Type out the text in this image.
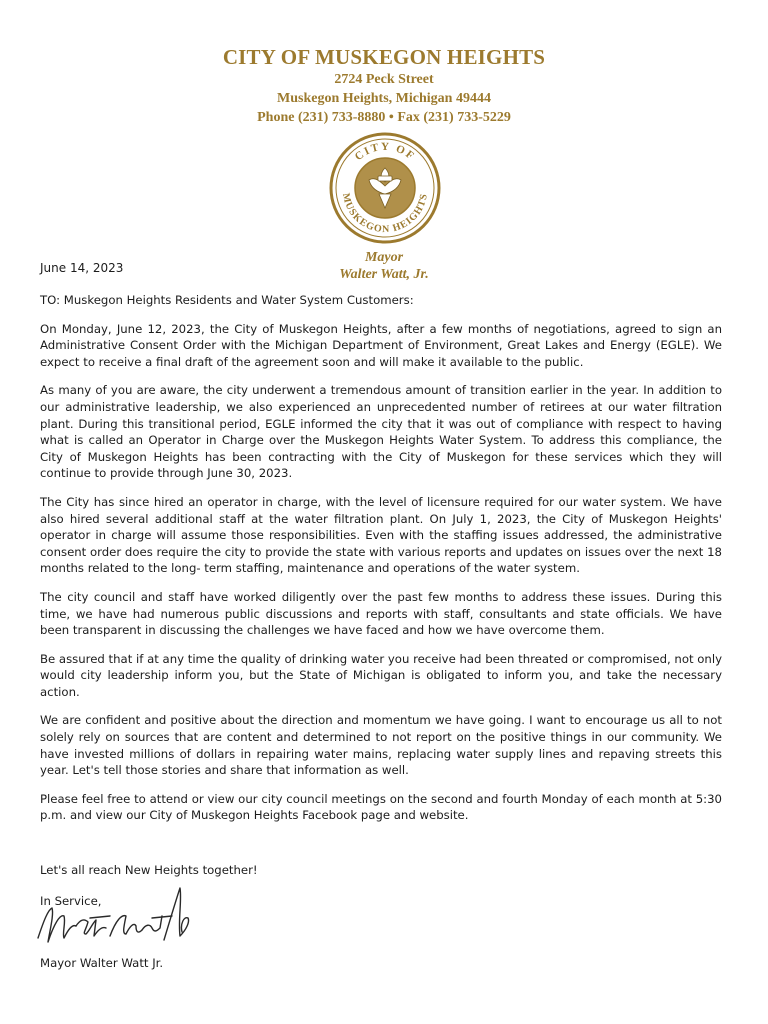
CITY OF MUSKEGON HEIGHTS
2724 Peck Street
Muskegon Heights, Michigan 49444
Phone (231) 733-8880 • Fax (231) 733-5229
CITY OF
MUSKEGON HEIGHTS
Mayor
Walter Watt, Jr.
June 14, 2023

TO: Muskegon Heights Residents and Water System Customers:

On Monday, June 12, 2023, the City of Muskegon Heights, after a few months of negotiations, agreed to sign an Administrative Consent Order with the Michigan Department of Environment, Great Lakes and Energy (EGLE). We expect to receive a final draft of the agreement soon and will make it available to the public.

As many of you are aware, the city underwent a tremendous amount of transition earlier in the year. In addition to our administrative leadership, we also experienced an unprecedented number of retirees at our water filtration plant. During this transitional period, EGLE informed the city that it was out of compliance with respect to having what is called an Operator in Charge over the Muskegon Heights Water System. To address this compliance, the City of Muskegon Heights has been contracting with the City of Muskegon for these services which they will continue to provide through June 30, 2023.

The City has since hired an operator in charge, with the level of licensure required for our water system. We have also hired several additional staff at the water filtration plant. On July 1, 2023, the City of Muskegon Heights' operator in charge will assume those responsibilities. Even with the staffing issues addressed, the administrative consent order does require the city to provide the state with various reports and updates on issues over the next 18 months related to the long- term staffing, maintenance and operations of the water system.

The city council and staff have worked diligently over the past few months to address these issues. During this time, we have had numerous public discussions and reports with staff, consultants and state officials. We have been transparent in discussing the challenges we have faced and how we have overcome them.

Be assured that if at any time the quality of drinking water you receive had been threated or compromised, not only would city leadership inform you, but the State of Michigan is obligated to inform you, and take the necessary action.

We are confident and positive about the direction and momentum we have going. I want to encourage us all to not solely rely on sources that are content and determined to not report on the positive things in our community. We have invested millions of dollars in repairing water mains, replacing water supply lines and repaving streets this year. Let's tell those stories and share that information as well.

Please feel free to attend or view our city council meetings on the second and fourth Monday of each month at 5:30 p.m. and view our City of Muskegon Heights Facebook page and website.

Let's all reach New Heights together!
In Service,
Mayor Walter Watt Jr.
